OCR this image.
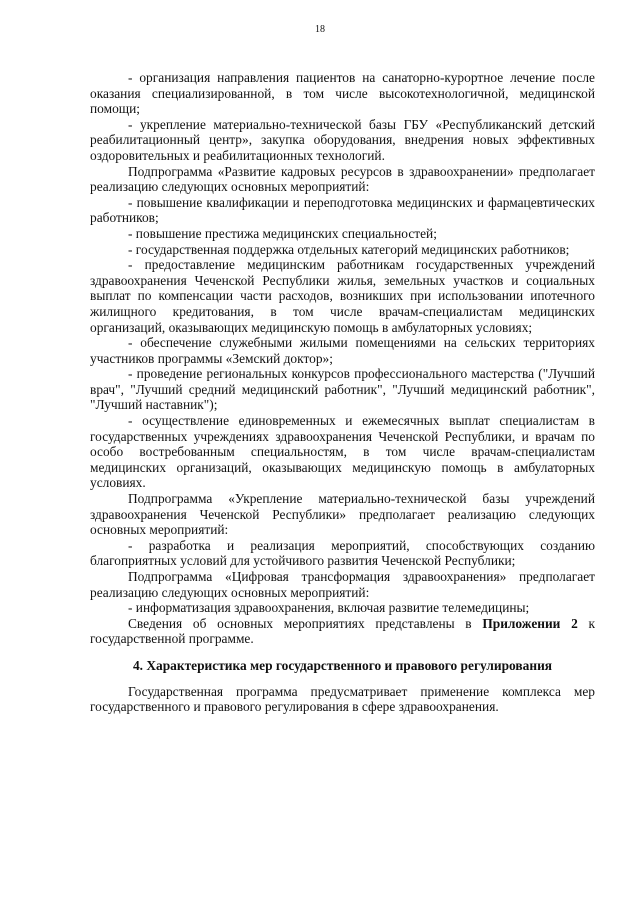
18

- организация направления пациентов на санаторно-курортное лечение после оказания специализированной, в том числе высокотехнологичной, медицинской помощи;

- укрепление материально-технической базы ГБУ «Республиканский детский реабилитационный центр», закупка оборудования, внедрения новых эффективных оздоровительных и реабилитационных технологий.

Подпрограмма «Развитие кадровых ресурсов в здравоохранении» предполагает реализацию следующих основных мероприятий:

- повышение квалификации и переподготовка медицинских и фармацевтических работников;

- повышение престижа медицинских специальностей;

- государственная поддержка отдельных категорий медицинских работников;

- предоставление медицинским работникам государственных учреждений здравоохранения Чеченской Республики жилья, земельных участков и социальных выплат по компенсации части расходов, возникших при использовании ипотечного жилищного кредитования, в том числе врачам-специалистам медицинских организаций, оказывающих медицинскую помощь в амбулаторных условиях;

- обеспечение служебными жилыми помещениями на сельских территориях участников программы «Земский доктор»;

- проведение региональных конкурсов профессионального мастерства ("Лучший врач", "Лучший средний медицинский работник", "Лучший медицинский работник", "Лучший наставник");

- осуществление единовременных и ежемесячных выплат специалистам в государственных учреждениях здравоохранения Чеченской Республики, и врачам по особо востребованным специальностям, в том числе врачам-специалистам медицинских организаций, оказывающих медицинскую помощь в амбулаторных условиях.

Подпрограмма «Укрепление материально-технической базы учреждений здравоохранения Чеченской Республики» предполагает реализацию следующих основных мероприятий:

- разработка и реализация мероприятий, способствующих созданию благоприятных условий для устойчивого развития Чеченской Республики;

Подпрограмма «Цифровая трансформация здравоохранения» предполагает реализацию следующих основных мероприятий:

- информатизация здравоохранения, включая развитие телемедицины;

Сведения об основных мероприятиях представлены в Приложении 2 к государственной программе.

4. Характеристика мер государственного и правового регулирования

Государственная программа предусматривает применение комплекса мер государственного и правового регулирования в сфере здравоохранения.
